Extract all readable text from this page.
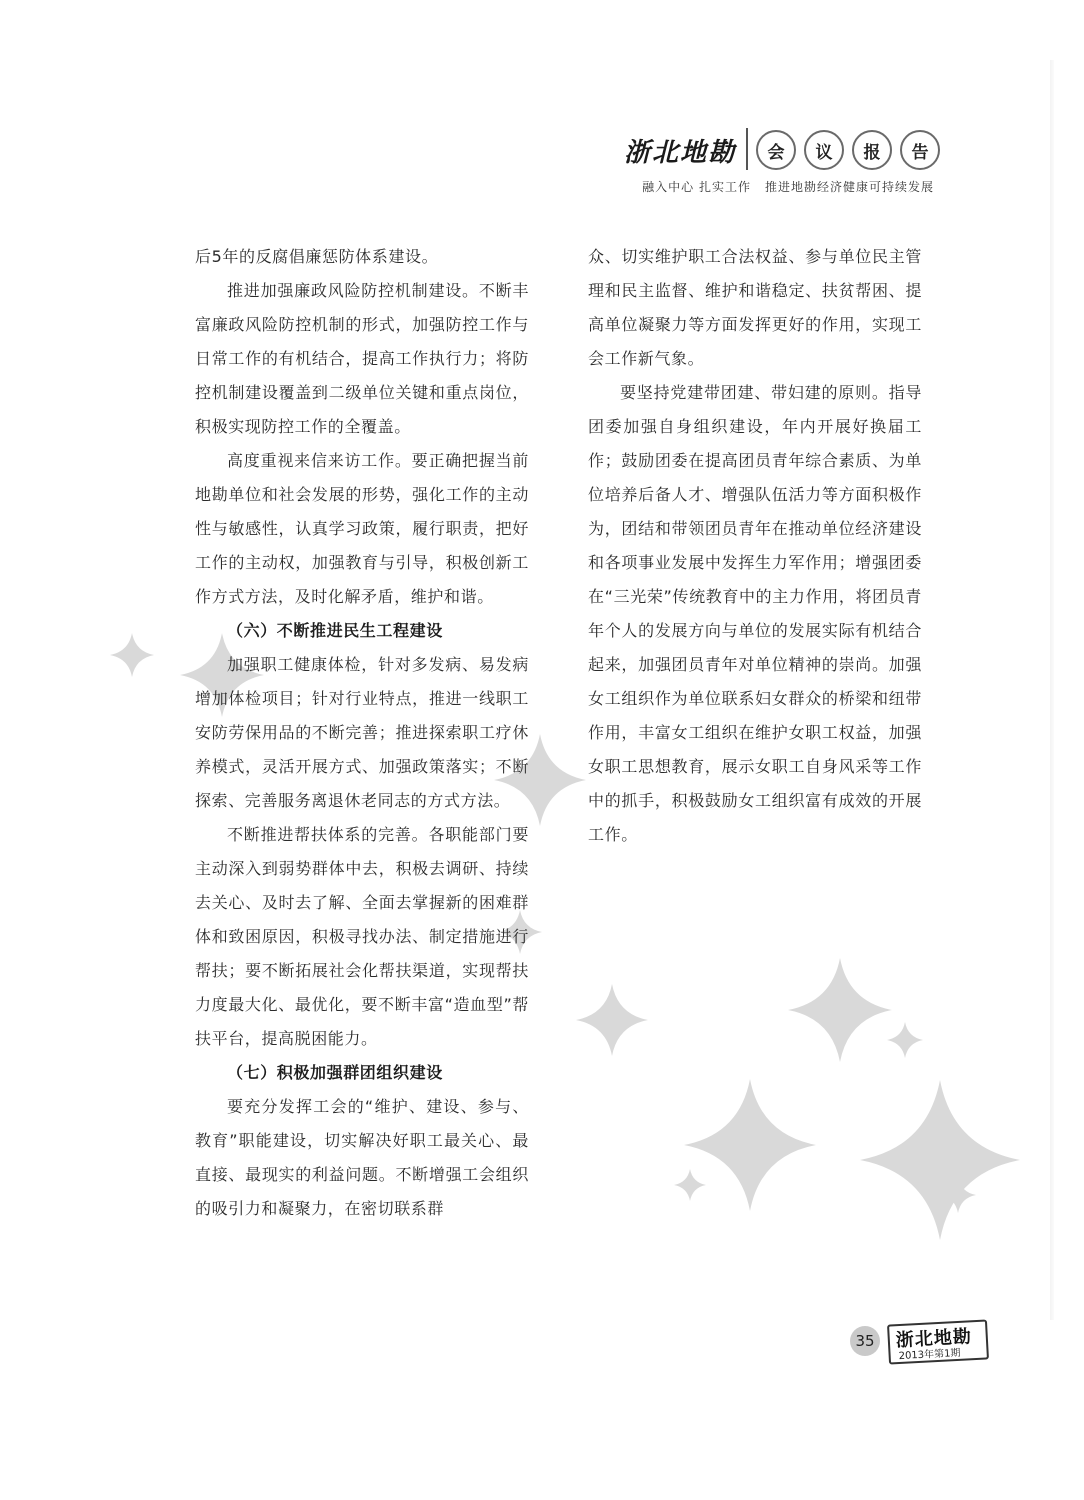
浙北地勘	会	议	报	告
融入中心 扎实工作 推进地勘经济健康可持续发展

后5年的反腐倡廉惩防体系建设。

推进加强廉政风险防控机制建设。不断丰富廉政风险防控机制的形式，加强防控工作与日常工作的有机结合，提高工作执行力；将防控机制建设覆盖到二级单位关键和重点岗位，积极实现防控工作的全覆盖。

高度重视来信来访工作。要正确把握当前地勘单位和社会发展的形势，强化工作的主动性与敏感性，认真学习政策，履行职责，把好工作的主动权，加强教育与引导，积极创新工作方式方法，及时化解矛盾，维护和谐。

（六）不断推进民生工程建设

加强职工健康体检，针对多发病、易发病增加体检项目；针对行业特点，推进一线职工安防劳保用品的不断完善；推进探索职工疗休养模式，灵活开展方式、加强政策落实；不断探索、完善服务离退休老同志的方式方法。

不断推进帮扶体系的完善。各职能部门要主动深入到弱势群体中去，积极去调研、持续去关心、及时去了解、全面去掌握新的困难群体和致困原因，积极寻找办法、制定措施进行帮扶；要不断拓展社会化帮扶渠道，实现帮扶力度最大化、最优化，要不断丰富“造血型”帮扶平台，提高脱困能力。

（七）积极加强群团组织建设

要充分发挥工会的“维护、建设、参与、教育”职能建设，切实解决好职工最关心、最直接、最现实的利益问题。不断增强工会组织的吸引力和凝聚力，在密切联系群

众、切实维护职工合法权益、参与单位民主管理和民主监督、维护和谐稳定、扶贫帮困、提高单位凝聚力等方面发挥更好的作用，实现工会工作新气象。

要坚持党建带团建、带妇建的原则。指导团委加强自身组织建设，年内开展好换届工作；鼓励团委在提高团员青年综合素质、为单位培养后备人才、增强队伍活力等方面积极作为，团结和带领团员青年在推动单位经济建设和各项事业发展中发挥生力军作用；增强团委在“三光荣”传统教育中的主力作用，将团员青年个人的发展方向与单位的发展实际有机结合起来，加强团员青年对单位精神的崇尚。加强女工组织作为单位联系妇女群众的桥梁和纽带作用，丰富女工组织在维护女职工权益，加强女职工思想教育，展示女职工自身风采等工作中的抓手，积极鼓励女工组织富有成效的开展工作。

35	浙北地勘
2013年第1期
